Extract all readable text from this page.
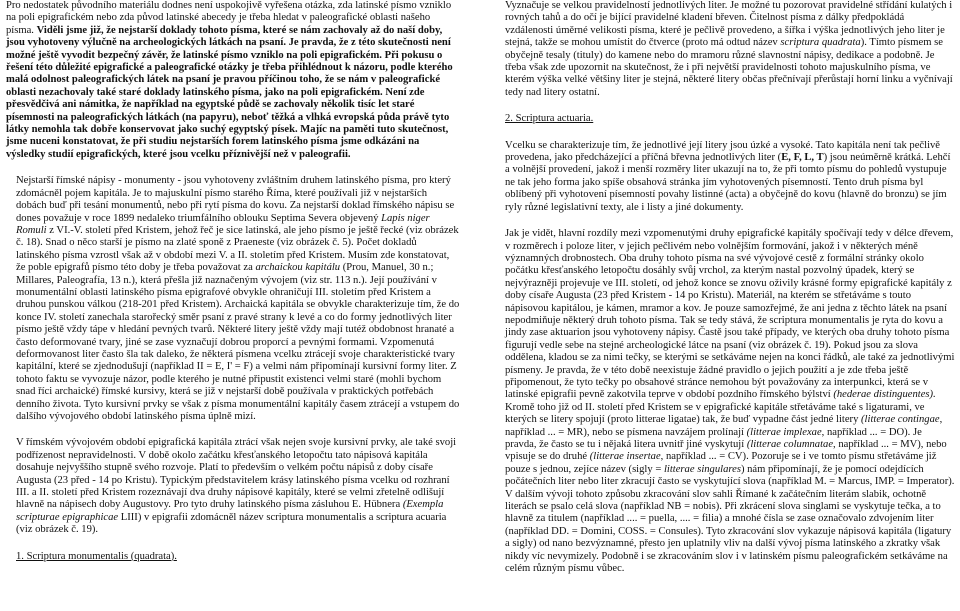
Pro nedostatek původního materiálu dodnes není uspokojivě vyřešena otázka, zda latinské písmo vzniklo na poli epigrafickém nebo zda původ latinské abecedy je třeba hledat v paleografické oblasti našeho písma. Viděli jsme již, že nejstarší doklady tohoto písma, které se nám zachovaly až do naší doby, jsou vyhotoveny výlučně na archeologických látkách na psaní. Je pravda, že z této skutečnosti není možné ještě vyvodit bezpečný závěr, že latinské písmo vzniklo na poli epigrafickém. Při pokusu o řešení této důležité epigrafické a paleografické otázky je třeba přihlédnout k názoru, podle kterého malá odolnost paleografických látek na psaní je pravou příčinou toho, že se nám v paleografické oblasti nezachovaly také staré doklady latinského písma, jako na poli epigrafickém. Není zde přesvědčivá ani námitka, že například na egyptské půdě se zachovaly několik tisíc let staré písemnosti na paleografických látkách (na papyru), neboť těžká a vlhká evropská půda právě tyto látky nemohla tak dobře konservovat jako suchý egyptský písek. Majíc na paměti tuto skutečnost, jsme nuceni konstatovat, že při studiu nejstarších forem latinského písma jsme odkázáni na výsledky studií epigrafických, které jsou vcelku příznivější než v paleografii.

Nejstarší římské nápisy - monumenty - jsou vyhotoveny zvláštním druhem latinského písma, pro který zdomácněl pojem kapitála. Je to majuskulní písmo starého Říma, které používali již v nejstarších dobách buď při tesání monumentů, nebo při rytí písma do kovu. Za nejstarší doklad římského nápisu se dones považuje v roce 1899 nedaleko triumfálního oblouku Septima Severa objevený Lapis niger Romuli z VI.-V. století před Kristem, jehož řeč je sice latinská, ale jeho písmo je ještě řecké (viz obrázek č. 18). Snad o něco starší je písmo na zlaté sponě z Praeneste (viz obrázek č. 5). Počet dokladů latinského písma vzrostl však až v období mezi V. a II. stoletím před Kristem. Musím zde konstatovat, že poble epigrafů písmo této doby je třeba považovat za archaickou kapitálu (Prou, Manuel, 30 n.; Millares, Paleografía, 13 n.), která přešla již naznačeným vývojem (viz str. 113 n.). Její používání v monumentální oblasti latinského písma epigrafové obvykle ohraničují III. stoletím před Kristem a druhou punskou válkou (218-201 před Kristem). Archaická kapitála se obvykle charakterizuje tím, že do konce IV. století zanechala starořecký směr psaní z pravé strany k levé a co do formy jednotlivých liter písmo ještě vždy tápe v hledání pevných tvarů. Některé litery ještě vždy mají tutéž obdobnost hranaté a často deformované tvary, jiné se zase vyznačují dobrou proporcí a pevnými formami. Vzpomenutá deformovanost liter často šla tak daleko, že některá písmena vcelku ztrácejí svoje charakteristické tvary kapitální, které se zjednodušují (například II = E, I' = F) a velmi nám připomínají kursivní formy liter. Z tohoto faktu se vyvozuje názor, podle kterého je nutné připustit existenci velmi staré (mohli bychom snad říci archaické) římské kursivy, která se již v nejstarší době používala v praktických potřebách denního života. Tyto kursivní prvky se však z písma monumentální kapitály časem ztrácejí a vstupem do dalšího vývojového období latinského písma úplně mizí.

V římském vývojovém období epigrafická kapitála ztrácí však nejen svoje kursivní prvky, ale také svoji podřízenost nepravidelnosti. V době okolo začátku křesťanského letopočtu tato nápisová kapitála dosahuje nejvyššího stupně svého rozvoje. Platí to především o velkém počtu nápisů z doby císaře Augusta (23 před - 14 po Kristu). Typickým představitelem krásy latinského písma vcelku od rozhraní III. a II. století před Kristem rozeznávají dva druhy nápisové kapitály, které se velmi zřetelně odlišují hlavně na nápisech doby Augustovy. Pro tyto druhy latinského písma zásluhou E. Hübnera (Exempla scripturae epigraphicae LIII) v epigrafii zdomácněl název scriptura monumentalis a scriptura acuaria (viz obrázek č. 19).

1. Scriptura monumentalis (quadrata).

Vyznačuje se velkou pravidelností jednotlivých liter. Je možné tu pozorovat pravidelné střídání kulatých i rovných tahů a do očí je bijící pravidelné kladení břeven. Čitelnost písma z dálky předpokládá vzdálenosti úměrné velikosti písma, které je pečlivě provedeno, a šířka i výška jednotlivých jeho liter je stejná, takže se mohou umístit do čtverce (proto má odtud název scriptura quadrata). Tímto písmem se obyčejně tesaly (tituly) do kamene nebo do mramoru různé slavnostní nápisy, dedikace a podobně. Je třeba však zde upozornit na skutečnost, že i při největší pravidelnosti tohoto majuskulního písma, ve kterém výška velké většiny liter je stejná, některé litery občas přečnívají přerůstají horní linku a vyčnívají tedy nad litery ostatní.

2. Scriptura actuaria.

Vcelku se charakterizuje tím, že jednotlivé její litery jsou úzké a vysoké. Tato kapitála není tak pečlivě provedena, jako předcházející a příčná břevna jednotlivých liter (E, F, L, T) jsou neúměrně krátká. Lehčí a volnější provedení, jakož i menší rozměry liter ukazují na to, že při tomto písmu do pohledů vystupuje ne tak jeho forma jako spíše obsahová stránka jím vyhotovených písemností. Tento druh písma byl oblíbený při vyhotovení písemností povahy listinné (acta) a obyčejně do kovu (hlavně do bronzu) se jím ryly různé legislativní texty, ale i listy a jiné dokumenty.

Jak je vidět, hlavní rozdíly mezi vzpomenutými druhy epigrafické kapitály spočívají tedy v délce dřevem, v rozměrech i poloze liter, v jejich pečlivém nebo volnějším formování, jakož i v některých méně významných drobnostech. Oba druhy tohoto písma na své vývojové cestě z formální stránky okolo počátku křesťanského letopočtu dosáhly svůj vrchol, za kterým nastal pozvolný úpadek, který se nejvýrazněji projevuje ve III. století, od jehož konce se znovu oživily krásné formy epigrafické kapitály z doby císaře Augusta (23 před Kristem - 14 po Kristu). Materiál, na kterém se střetáváme s touto nápisovou kapitálou, je kámen, mramor a kov. Je pouze samozřejmé, že ani jedna z těchto látek na psaní nepodmiňuje některý druh tohoto písma. Tak se tedy stává, že scriptura monumentalis je ryta do kovu a jindy zase aktuarion jsou vyhotoveny nápisy. Častě jsou také případy, ve kterých oba druhy tohoto písma figurují vedle sebe na stejné archeologické látce na psaní (viz obrázek č. 19). Pokud jsou za slova oddělena, kladou se za nimi tečky, se kterými se setkáváme nejen na konci řádků, ale také za jednotlivými písmeny. Je pravda, že v této době neexistuje žádné pravidlo o jejich použití a je zde třeba ještě připomenout, že tyto tečky po obsahové stránce nemohou být považovány za interpunkci, která se v latinské epigrafii pevně zakotvila teprve v období pozdního římského býlství (hederae distinguentes). Kromě toho již od II. století před Kristem se v epigrafické kapitále střetáváme také s ligaturami, ve kterých se litery spojují (proto litterae ligatae) tak, že buď vypadne část jedné litery (litterae contingae, například ... = MR), nebo se písmena navzájem prolínají (litterae implexae, například ... = DO). Je pravda, že často se tu i nějaká litera uvnitř jiné vyskytují (litterae columnatae, například ... = MV), nebo vpisuje se do druhé (litterae insertae, například ... = CV). Pozoruje se i ve tomto písmu střetáváme již pouze s jednou, zejíce název (sigly = litterae singulares) nám připomínají, že je pomocí odejdících počátečních liter nebo liter zkracují často se vyskytující slova (například M. = Marcus, IMP. = Imperator). V dalším vývoji tohoto způsobu zkracování slov sahli Římané k začátečním literám slabik, ochotně literách se psalo celá slova (například NB = nobis). Při zkrácení slova singlami se vyskytuje tečka, a to hlavně za titulem (například .... = puella, .... = filia) a mnohé čísla se zase označovalo zdvojením liter (například DD. = Domini, COSS. = Consules). Tyto zkracování slov vykazuje nápisová kapitála (ligatury a sigly) od nano bezvýznamné, přesto jen uplatnily vliv na další vývoj písma latinského a zkratky však nikdy víc nevymizely. Podobně i se zkracováním slov i v latinském písmu paleografickém setkáváme na celém různým písmu vůbec.
